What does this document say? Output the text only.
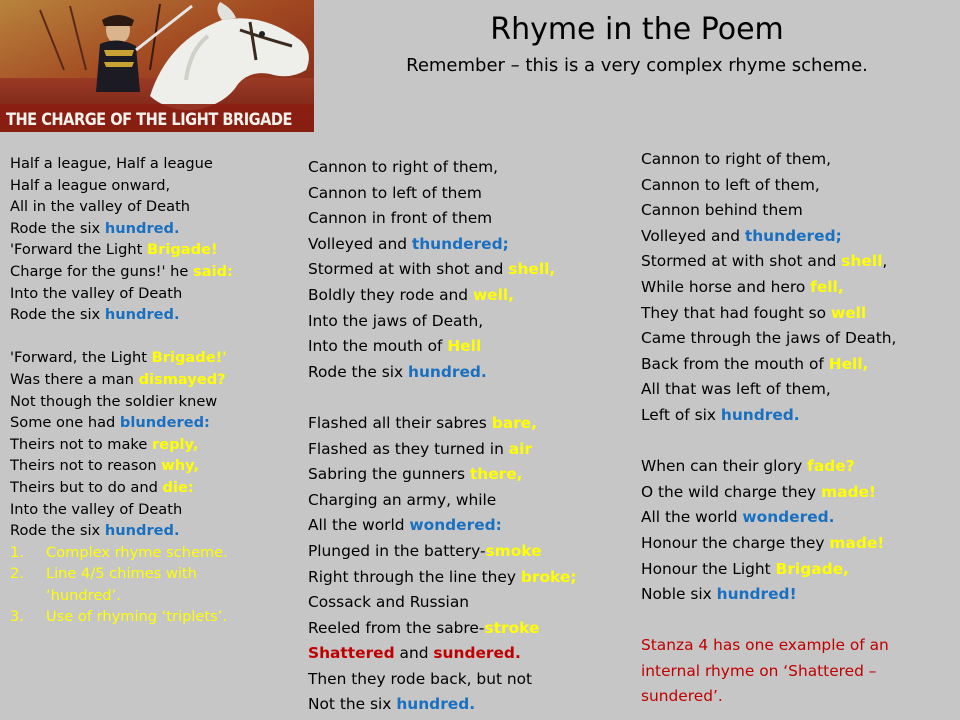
THE CHARGE OF THE LIGHT BRIGADE
Rhyme in the Poem
Remember – this is a very complex rhyme scheme.
Half a league, Half a league
Half a league onward,
All in the valley of Death
Rode the six hundred.
'Forward the Light Brigade!
Charge for the guns!' he said:
Into the valley of Death
Rode the six hundred.

'Forward, the Light Brigade!'
Was there a man dismayed?
Not though the soldier knew
Some one had blundered:
Theirs not to make reply,
Theirs not to reason why,
Theirs but to do and die:
Into the valley of Death
Rode the six hundred.
1. Complex rhyme scheme.
2. Line 4/5 chimes with
‘hundred’.
3. Use of rhyming ‘triplets’.
Cannon to right of them,
Cannon to left of them
Cannon in front of them
Volleyed and thundered;
Stormed at with shot and shell,
Boldly they rode and well,
Into the jaws of Death,
Into the mouth of Hell
Rode the six hundred.

Flashed all their sabres bare,
Flashed as they turned in air
Sabring the gunners there,
Charging an army, while
All the world wondered:
Plunged in the battery-smoke
Right through the line they broke;
Cossack and Russian
Reeled from the sabre-stroke
Shattered and sundered.
Then they rode back, but not
Not the six hundred.
Cannon to right of them,
Cannon to left of them,
Cannon behind them
Volleyed and thundered;
Stormed at with shot and shell,
While horse and hero fell,
They that had fought so well
Came through the jaws of Death,
Back from the mouth of Hell,
All that was left of them,
Left of six hundred.

When can their glory fade?
O the wild charge they made!
All the world wondered.
Honour the charge they made!
Honour the Light Brigade,
Noble six hundred!

Stanza 4 has one example of an
internal rhyme on ‘Shattered –
sundered’.
